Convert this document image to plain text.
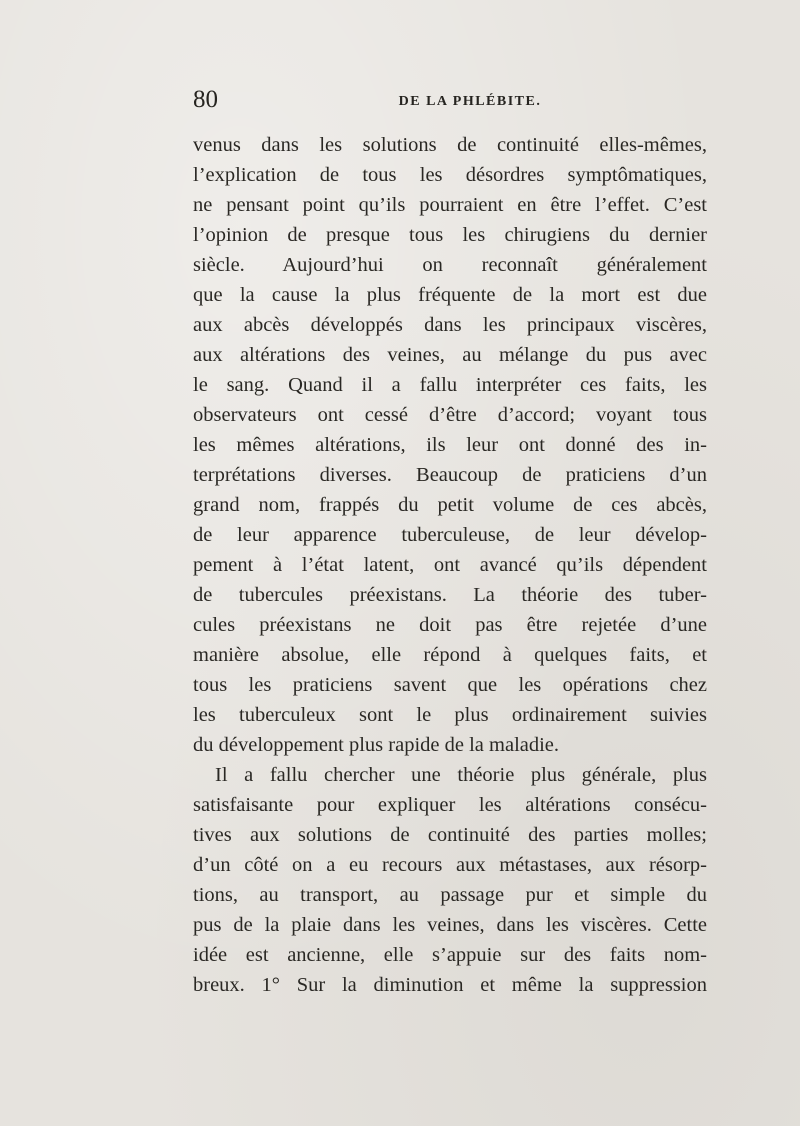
80	DE LA PHLÉBITE.
venus dans les solutions de continuité elles-mêmes,
l’explication de tous les désordres symptômatiques,
ne pensant point qu’ils pourraient en être l’effet. C’est
l’opinion de presque tous les chirugiens du dernier
siècle. Aujourd’hui on reconnaît généralement
que la cause la plus fréquente de la mort est due
aux abcès développés dans les principaux viscères,
aux altérations des veines, au mélange du pus avec
le sang. Quand il a fallu interpréter ces faits, les
observateurs ont cessé d’être d’accord; voyant tous
les mêmes altérations, ils leur ont donné des in-
terprétations diverses. Beaucoup de praticiens d’un
grand nom, frappés du petit volume de ces abcès,
de leur apparence tuberculeuse, de leur dévelop-
pement à l’état latent, ont avancé qu’ils dépendent
de tubercules préexistans. La théorie des tuber-
cules préexistans ne doit pas être rejetée d’une
manière absolue, elle répond à quelques faits, et
tous les praticiens savent que les opérations chez
les tuberculeux sont le plus ordinairement suivies
du développement plus rapide de la maladie.
Il a fallu chercher une théorie plus générale, plus
satisfaisante pour expliquer les altérations consécu-
tives aux solutions de continuité des parties molles;
d’un côté on a eu recours aux métastases, aux résorp-
tions, au transport, au passage pur et simple du
pus de la plaie dans les veines, dans les viscères. Cette
idée est ancienne, elle s’appuie sur des faits nom-
breux. 1° Sur la diminution et même la suppression
